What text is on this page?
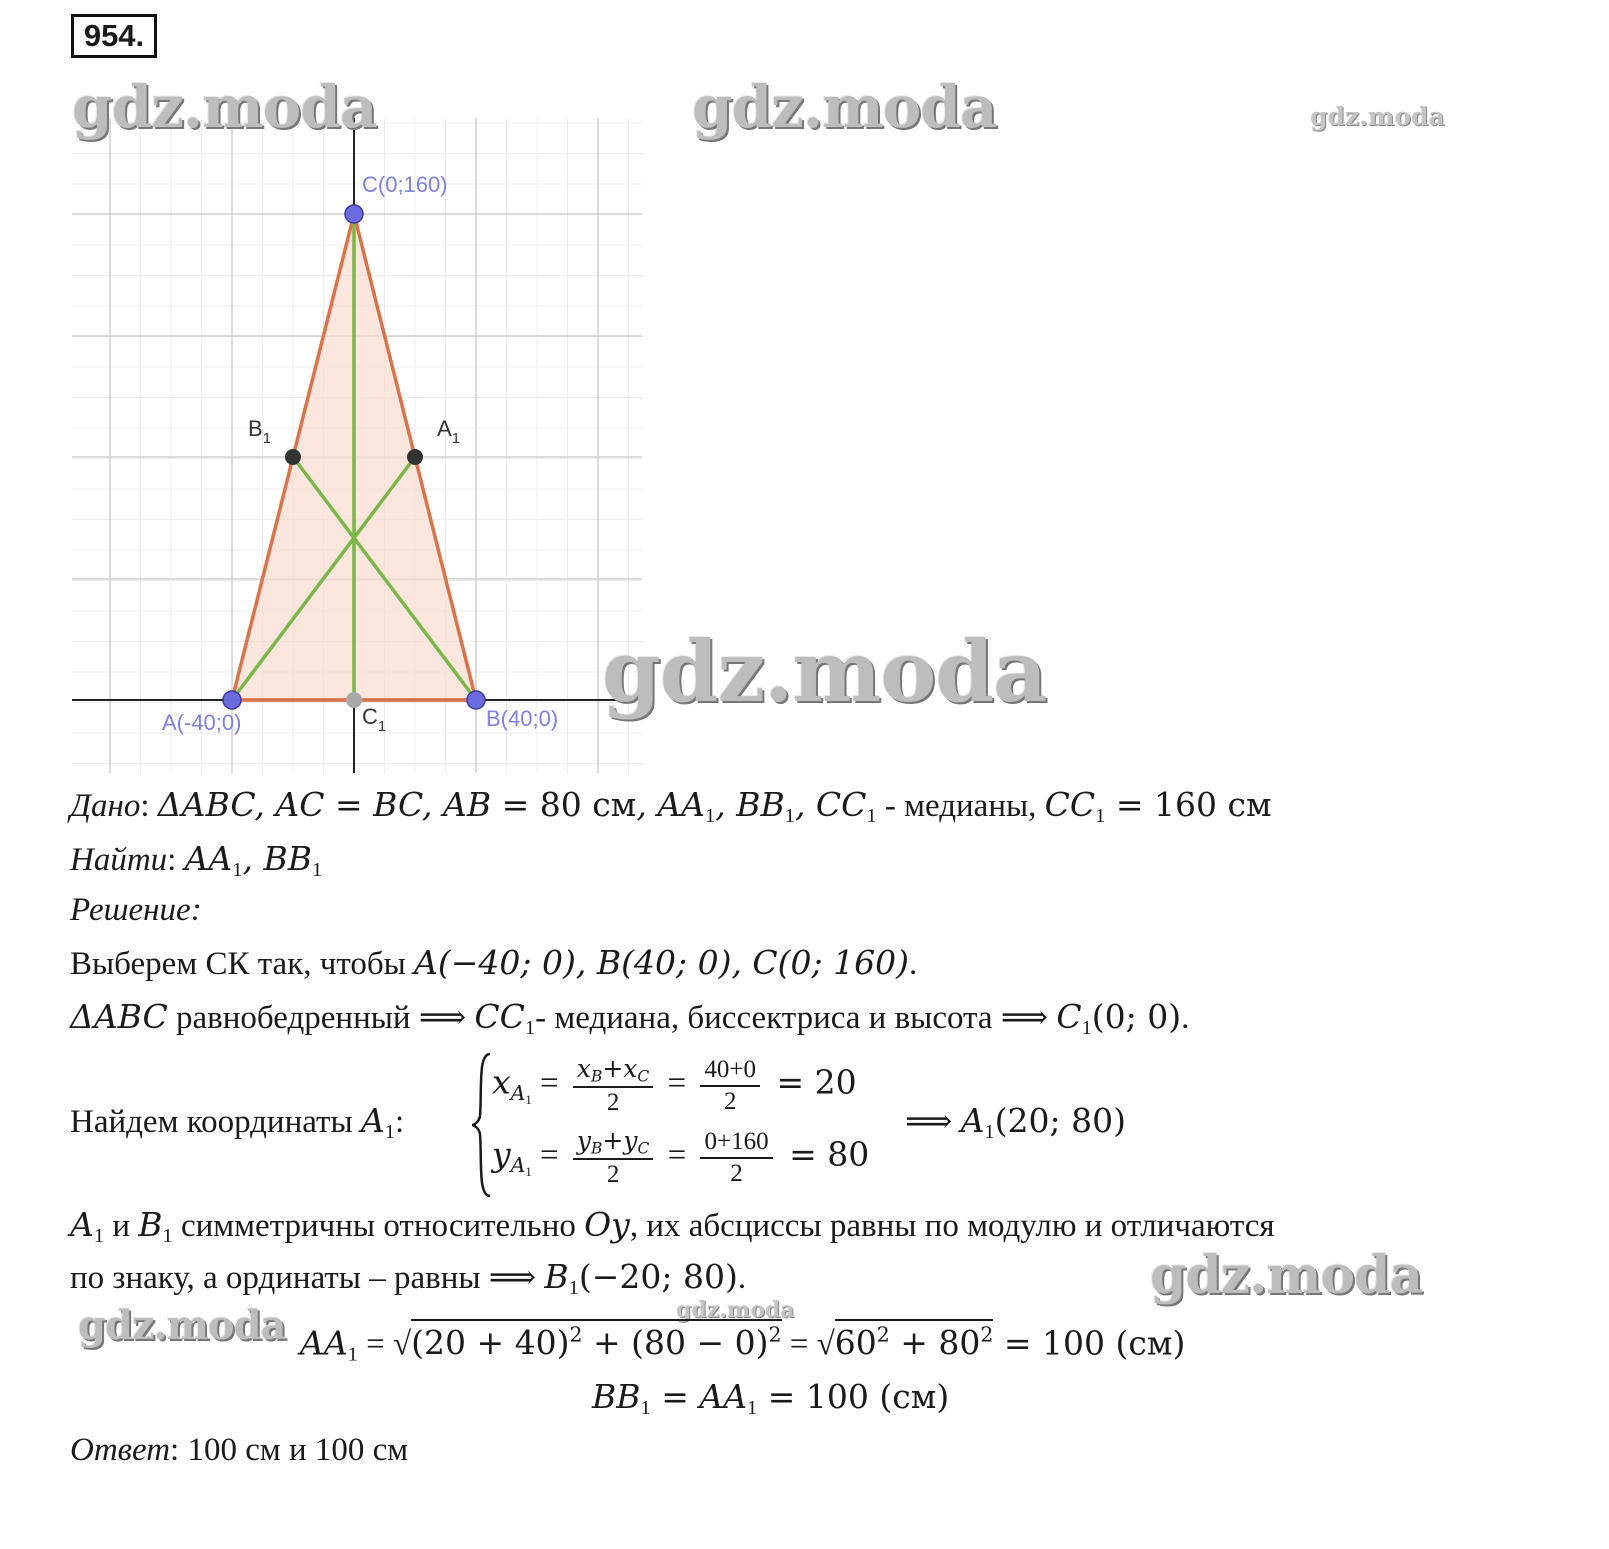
954.
C(0;160)
A(-40;0)	B(40;0)
$A_1$
$B_1$
$C_1$
gdz.moda	gdz.moda	gdz.moda
gdz.moda
gdz.moda
gdz.moda	gdz.moda
Дано: ΔABC, AC = BC, AB = 80 см, $AA_1$, $BB_1$, $CC_1$ - медианы, $CC_1 = 160$ см
Найти: $AA_1$, $BB_1$
Решение:
Выберем СК так, чтобы A(−40; 0), B(40; 0), C(0; 160).
ΔABC равнобедренный ⟹ $CC_1-$ медиана, биссектриса и высота ⟹ $C_1(0$; 0).
Найдем координаты $A_1$:
$x_{A_1} = \frac{x_B+x_C}{2} = \frac{40+0}{2} = 20$
$y_{A_1} = \frac{y_B+y_C}{2} = \frac{0+160}{2} = 80$
⟹ $A_1(20$; 80)
$A_1$ и $B_1$ симметричны относительно Oy, их абсциссы равны по модулю и отличаются
по знаку, а ординаты – равны ⟹ $B_1(-20$; 80).
$AA_1 = √(20 + 40)^2 + (80 - 0)^2 = √60^2 + 80^2 = 100$ (см)
$BB_1 = AA_1 = 100$ (см)
Ответ: 100 см и 100 см
